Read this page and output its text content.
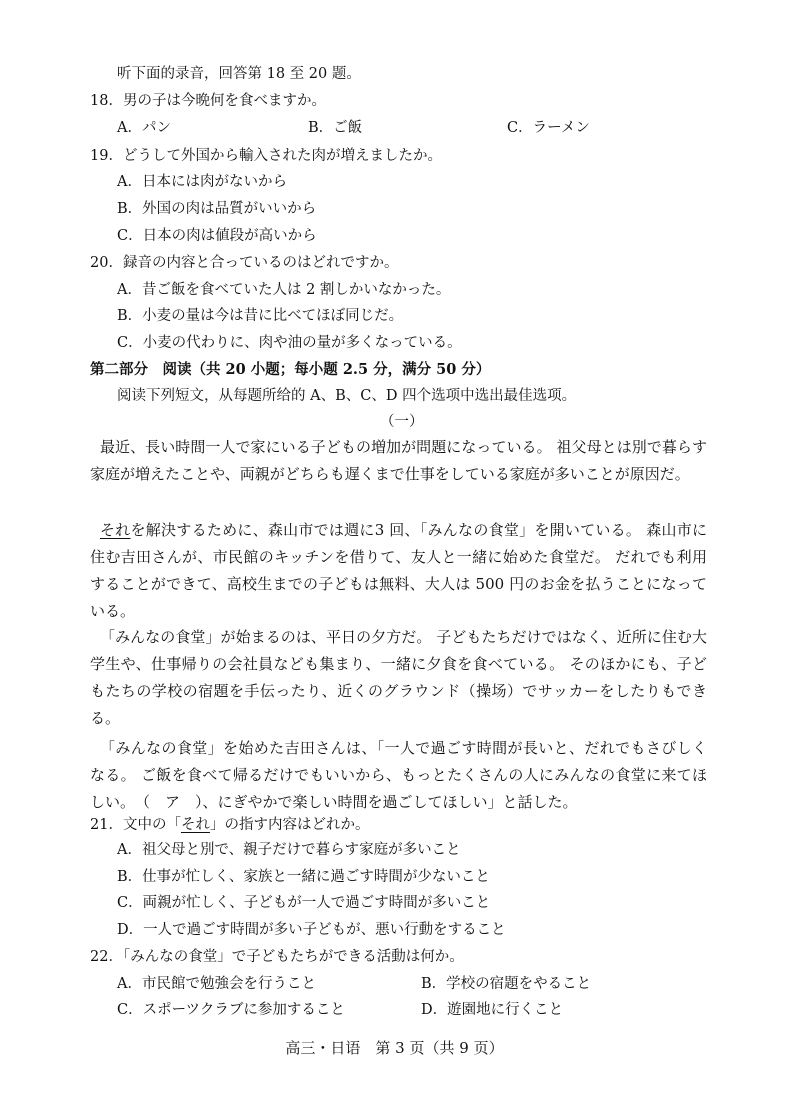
听下面的录音，回答第 18 至 20 题。
18．男の子は今晩何を食べますか。
A．パン	B．ご飯	C．ラーメン
19．どうして外国から輸入された肉が増えましたか。
A．日本には肉がないから
B．外国の肉は品質がいいから
C．日本の肉は値段が高いから
20．録音の内容と合っているのはどれですか。
A．昔ご飯を食べていた人は 2 割しかいなかった。
B．小麦の量は今は昔に比べてほぼ同じだ。
C．小麦の代わりに、肉や油の量が多くなっている。
第二部分　阅读（共 20 小题；每小题 2.5 分，满分 50 分）
阅读下列短文，从每题所给的 A、B、C、D 四个选项中选出最佳选项。
（一）
最近、長い時間一人で家にいる子どもの増加が問題になっている。 祖父母とは別で暮らす家庭が増えたことや、両親がどちらも遅くまで仕事をしている家庭が多いことが原因だ。
それを解決するために、森山市では週に3 回、「みんなの食堂」を開いている。 森山市に住む吉田さんが、市民館のキッチンを借りて、友人と一緒に始めた食堂だ。 だれでも利用することができて、高校生までの子どもは無料、大人は 500 円のお金を払うことになっている。
「みんなの食堂」が始まるのは、平日の夕方だ。 子どもたちだけではなく、近所に住む大学生や、仕事帰りの会社員なども集まり、一緒に夕食を食べている。 そのほかにも、子どもたちの学校の宿題を手伝ったり、近くのグラウンド（操场）でサッカーをしたりもできる。
「みんなの食堂」を始めた吉田さんは、「一人で過ごす時間が長いと、だれでもさびしくなる。 ご飯を食べて帰るだけでもいいから、もっとたくさんの人にみんなの食堂に来てほしい。　（　ア　）、にぎやかで楽しい時間を過ごしてほしい」と話した。
21．文中の「それ」の指す内容はどれか。
A．祖父母と別で、親子だけで暮らす家庭が多いこと
B．仕事が忙しく、家族と一緒に過ごす時間が少ないこと
C．両親が忙しく、子どもが一人で過ごす時間が多いこと
D．一人で過ごす時間が多い子どもが、悪い行動をすること
22．「みんなの食堂」で子どもたちができる活動は何か。
A．市民館で勉強会を行うこと	B．学校の宿題をやること
C．スポーツクラブに参加すること	D．遊園地に行くこと
高三・日语　第 3 页（共 9 页）
